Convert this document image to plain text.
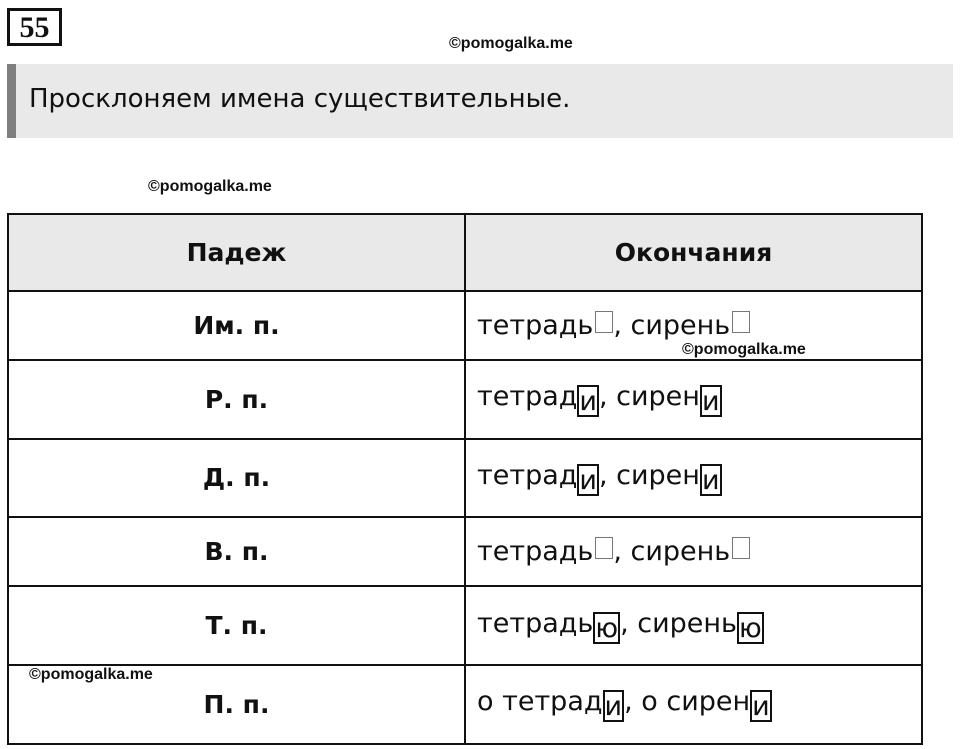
55	©pomogalka.me
Просклоняем имена существительные.
©pomogalka.me
Падеж	Окончания
Им. п.	тетрадь , сирень
Р. п.	тетради, сирени
Д. п.	тетради, сирени
В. п.	тетрадь , сирень
Т. п.	тетрадью, сиренью
П. п.	о тетради, о сирени
©pomogalka.me
©pomogalka.me
